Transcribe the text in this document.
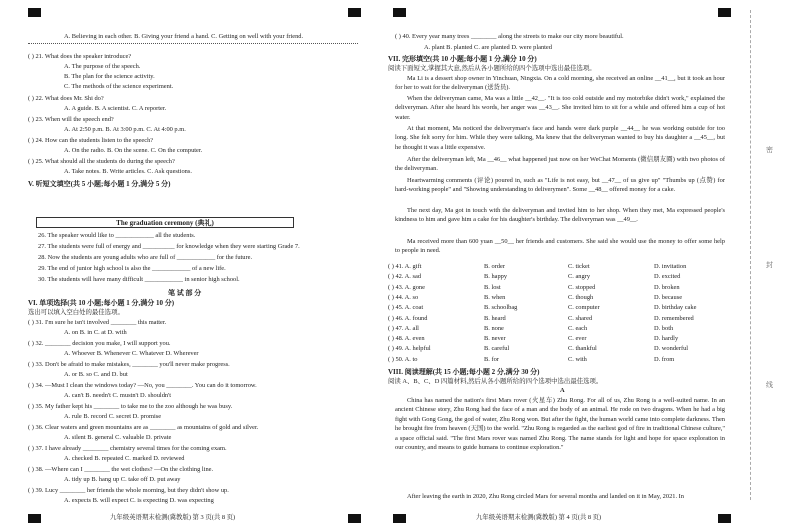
A. Believing in each other. B. Giving your friend a hand. C. Getting on well with your friend.
( ) 21. What does the speaker introduce?
A. The purpose of the speech.
B. The plan for the science activity.
C. The methods of the science experiment.
( ) 22. What does Mr. Shi do?
A. A guide. B. A scientist. C. A reporter.
( ) 23. When will the speech end?
A. At 2:50 p.m. B. At 3:00 p.m. C. At 4:00 p.m.
( ) 24. How can the students listen to the speech?
A. On the radio. B. On the scene. C. On the computer.
( ) 25. What should all the students do during the speech?
A. Take notes. B. Write articles. C. Ask questions.
V. 听短文填空(共 5 小题;每小题 1 分,满分 5 分)
The graduation ceremony (典礼)
26. The speaker would like to ____________ all the students.
27. The students were full of energy and __________ for knowledge when they were starting Grade 7.
28. Now the students are young adults who are full of ____________ for the future.
29. The end of junior high school is also the ____________ of a new life.
30. The students will have many difficult ____________ in senior high school.
笔 试 部 分
VI. 单项选择(共 10 小题;每小题 1 分,满分 10 分)
选出可以填入空白处的最佳选项。
( ) 31. I'm sure he isn't involved ________ this matter.
A. on B. in C. at D. with
( ) 32. ________ decision you make, I will support you.
A. Whoever B. Whenever C. Whatever D. Wherever
( ) 33. Don't be afraid to make mistakes, ________ you'll never make progress.
A. or B. so C. and D. but
( ) 34. —Must I clean the windows today? —No, you ________. You can do it tomorrow.
A. can't B. needn't C. mustn't D. shouldn't
( ) 35. My father kept his ________ to take me to the zoo although he was busy.
A. rule B. record C. secret D. promise
( ) 36. Clear waters and green mountains are as ________ as mountains of gold and silver.
A. silent B. general C. valuable D. private
( ) 37. I have already ________ chemistry several times for the coming exam.
A. checked B. repeated C. marked D. reviewed
( ) 38. —Where can I ________ the wet clothes? —On the clothing line.
A. tidy up B. hang up C. take off D. put away
( ) 39. Lucy ________ her friends the whole morning, but they didn't show up.
A. expects B. will expect C. is expecting D. was expecting
九年级英语期末检测(冀教版) 第 3 页(共 8 页)	九年级英语期末检测(冀教版) 第 4 页(共 8 页)
( ) 40. Every year many trees ________ along the streets to make our city more beautiful.
A. plant B. planted C. are planted D. were planted
VII. 完形填空(共 10 小题;每小题 1 分,满分 10 分)
阅读下面短文,掌握其大意,然后从各小题所给的四个选项中选出最佳选项。
Ma Li is a dessert shop owner in Yinchuan, Ningxia. On a cold morning, she received an online __41__, but it took an hour for her to wait for the deliveryman (送货员).
When the deliveryman came, Ma was a little __42__. "It is too cold outside and my motorbike didn't work," explained the deliveryman. After she heard his words, her anger was __43__. She invited him to sit for a while and offered him a cup of hot water.
At that moment, Ma noticed the deliveryman's face and hands were dark purple __44__ he was working outside for too long. She felt sorry for him. While they were talking, Ma knew that the deliveryman wanted to buy his daughter a __45__, but he thought it was a little expensive.
After the deliveryman left, Ma __46__ what happened just now on her WeChat Moments (微信朋友圈) with two photos of the deliveryman.
Heartwarming comments (评论) poured in, such as "Life is not easy, but __47__ of us give up" "Thumbs up (点赞) for hard-working people" and "Showing understanding to deliverymen". Some __48__ offered money for a cake.
The next day, Ma got in touch with the deliveryman and invited him to her shop. When they met, Ma expressed people's kindness to him and gave him a cake for his daughter's birthday. The deliveryman was __49__.
Ma received more than 600 yuan __50__ her friends and customers. She said she would use the money to offer some help to people in need.
( ) 41. A. gift	B. order	C. ticket	D. invitation
( ) 42. A. sad	B. happy	C. angry	D. excited
( ) 43. A. gone	B. lost	C. stopped	D. broken
( ) 44. A. so	B. when	C. though	D. because
( ) 45. A. coat	B. schoolbag	C. computer	D. birthday cake
( ) 46. A. found	B. heard	C. shared	D. remembered
( ) 47. A. all	B. none	C. each	D. both
( ) 48. A. even	B. never	C. ever	D. hardly
( ) 49. A. helpful	B. careful	C. thankful	D. wonderful
( ) 50. A. to	B. for	C. with	D. from
VIII. 阅读理解(共 15 小题;每小题 2 分,满分 30 分)
阅读 A、B、C、D 四篇材料,然后从各小题所给的四个选项中选出最佳选项。
A
China has named the nation's first Mars rover (火星车) Zhu Rong. For all of us, Zhu Rong is a well-suited name. In an ancient Chinese story, Zhu Rong had the face of a man and the body of an animal. He rode on two dragons. When he had a big fight with Gong Gong, the god of water, Zhu Rong won. But after the fight, the human world came into complete darkness. Then he brought fire from heaven (天国) to the world. "Zhu Rong is regarded as the earliest god of fire in traditional Chinese culture," a space official said. "The first Mars rover was named Zhu Rong. The name stands for light and hope for space exploration in our country, and means to guide humans to continue exploration."
After leaving the earth in 2020, Zhu Rong circled Mars for several months and landed on it in May, 2021. In
密
封
线
